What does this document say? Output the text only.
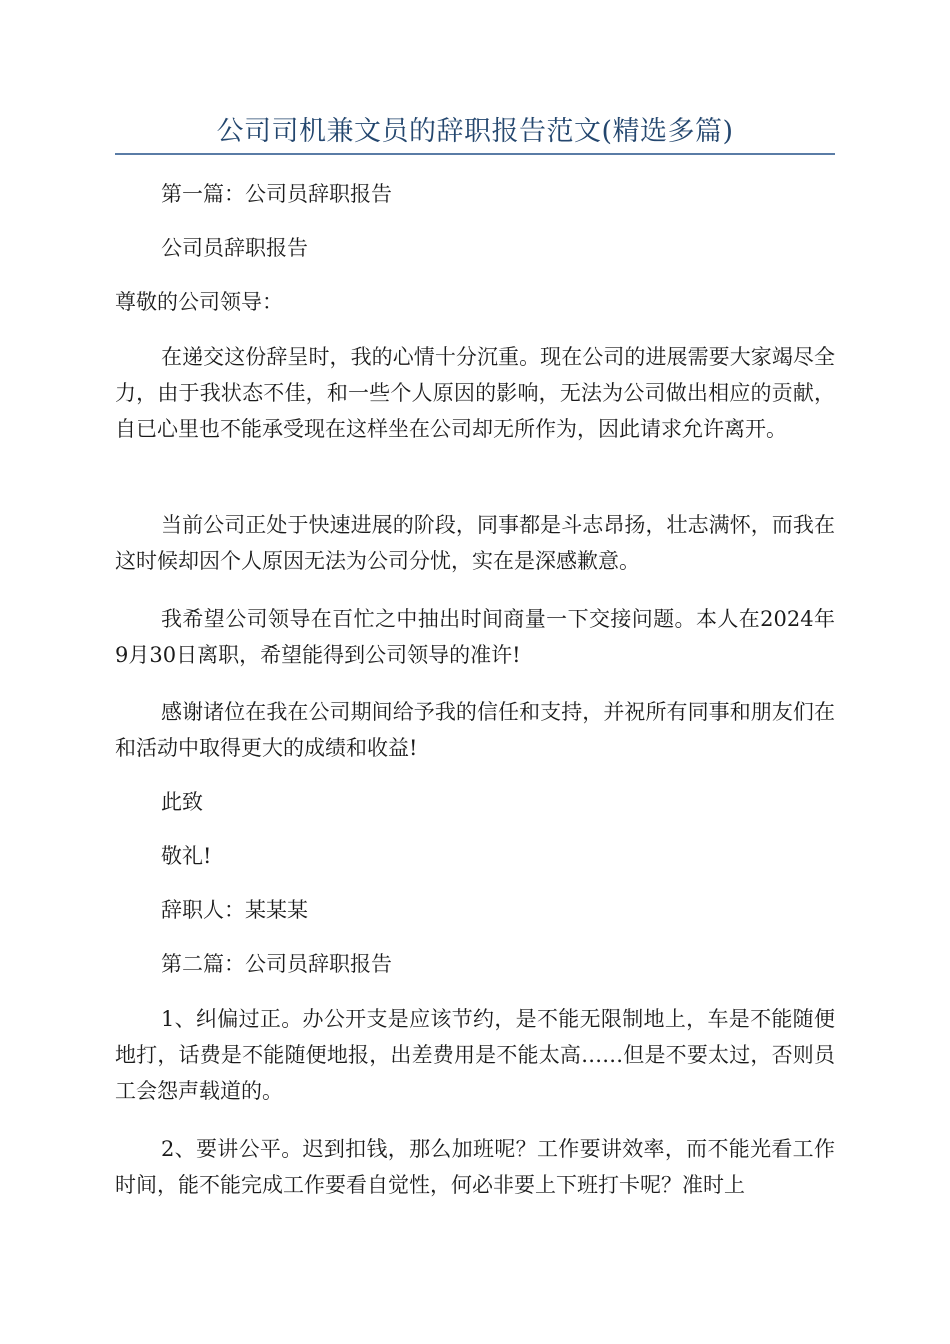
公司司机兼文员的辞职报告范文(精选多篇)

第一篇：公司员辞职报告

公司员辞职报告

尊敬的公司领导：

在递交这份辞呈时，我的心情十分沉重。现在公司的进展需要大家竭尽全力，由于我状态不佳，和一些个人原因的影响，无法为公司做出相应的贡献，自已心里也不能承受现在这样坐在公司却无所作为，因此请求允许离开。

当前公司正处于快速进展的阶段，同事都是斗志昂扬，壮志满怀，而我在这时候却因个人原因无法为公司分忧，实在是深感歉意。

我希望公司领导在百忙之中抽出时间商量一下交接问题。本人在2024年9月30日离职，希望能得到公司领导的准许!

感谢诸位在我在公司期间给予我的信任和支持，并祝所有同事和朋友们在和活动中取得更大的成绩和收益!

此致

敬礼!

辞职人：某某某

第二篇：公司员辞职报告

1、纠偏过正。办公开支是应该节约，是不能无限制地上，车是不能随便地打，话费是不能随便地报，出差费用是不能太高……但是不要太过，否则员工会怨声载道的。

2、要讲公平。迟到扣钱，那么加班呢？工作要讲效率，而不能光看工作时间，能不能完成工作要看自觉性，何必非要上下班打卡呢？准时上
